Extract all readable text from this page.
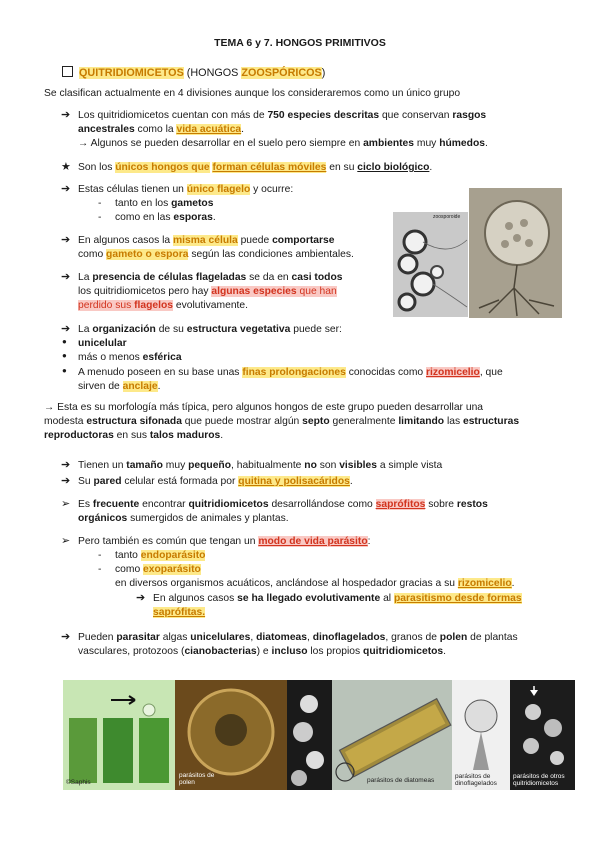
TEMA 6 y 7. HONGOS PRIMITIVOS
QUITRIDIOMICETOS (HONGOS ZOOSPÓRICOS)
Se clasifican actualmente en 4 divisiones aunque los consideraremos como un único grupo
➔ Los quitridiomicetos cuentan con más de 750 especies descritas que conservan rasgos
ancestrales como la vida acuática.
→ Algunos se pueden desarrollar en el suelo pero siempre en ambientes muy húmedos.
★ Son los únicos hongos que forman células móviles en su ciclo biológico.
➔ Estas células tienen un único flagelo y ocurre:
- tanto en los gametos
- como en las esporas.
➔ En algunos casos la misma célula puede comportarse
como gameto o espora según las condiciones ambientales.
➔ La presencia de células flageladas se da en casi todos
los quitridiomicetos pero hay algunas especies que han
perdido sus flagelos evolutivamente.
➔ La organización de su estructura vegetativa puede ser:
● unicelular
● más o menos esférica
● A menudo poseen en su base unas finas prolongaciones conocidas como rizomicelio, que
sirven de anclaje.
→ Esta es su morfología más típica, pero algunos hongos de este grupo pueden desarrollar una
modesta estructura sifonada que puede mostrar algún septo generalmente limitando las estructuras
reproductoras en sus talos maduros.
➔ Tienen un tamaño muy pequeño, habitualmente no son visibles a simple vista
➔ Su pared celular está formada por quitina y polisacáridos.
➢ Es frecuente encontrar quitridiomicetos desarrollándose como saprófitos sobre restos
orgánicos sumergidos de animales y plantas.
➢ Pero también es común que tengan un modo de vida parásito:
- tanto endoparásito
- como exoparásito
en diversos organismos acuáticos, anclándose al hospedador gracias a su rizomicelio.
➔ En algunos casos se ha llegado evolutivamente al parasitismo desde formas
saprófitas.
➔ Pueden parasitar algas unicelulares, diatomeas, dinoflagelados, granos de polen de plantas
vasculares, protozoos (cianobacterias) e incluso los propios quitridiomicetos.
zoosporoide
©Saphis
parásitos de polen	parásitos de diatomeas
parásitos de dinoflagelados
parásitos de otros quitridiomicetos
